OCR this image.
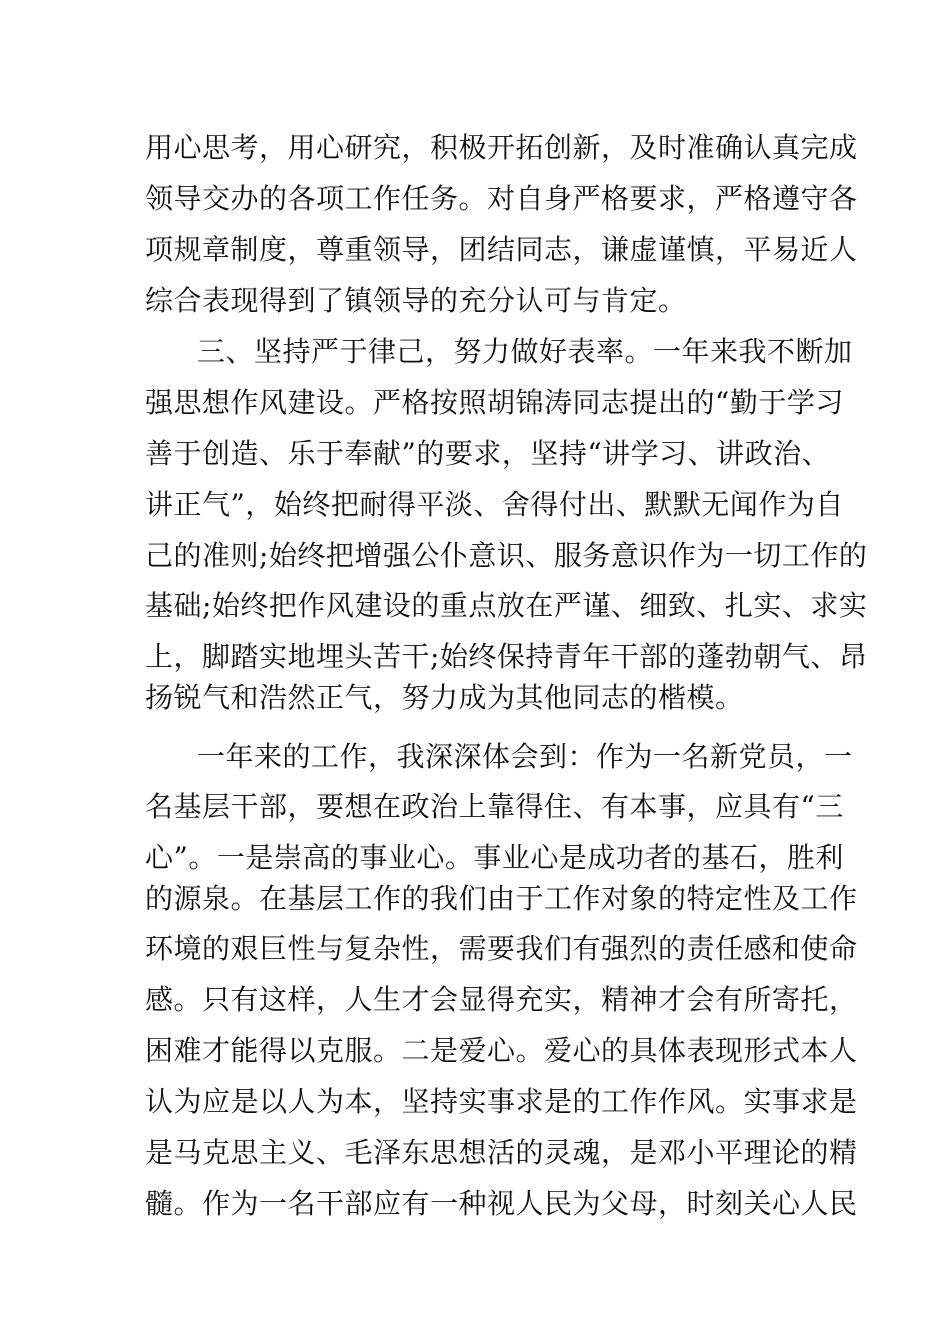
用心思考，用心研究，积极开拓创新，及时准确认真完成
领导交办的各项工作任务。对自身严格要求，严格遵守各
项规章制度，尊重领导，团结同志，谦虚谨慎，平易近人
综合表现得到了镇领导的充分认可与肯定。
三、坚持严于律己，努力做好表率。一年来我不断加
强思想作风建设。严格按照胡锦涛同志提出的“勤于学习
善于创造、乐于奉献”的要求，坚持“讲学习、讲政治、
讲正气”，始终把耐得平淡、舍得付出、默默无闻作为自
己的准则;始终把增强公仆意识、服务意识作为一切工作的
基础;始终把作风建设的重点放在严谨、细致、扎实、求实
上，脚踏实地埋头苦干;始终保持青年干部的蓬勃朝气、昂
扬锐气和浩然正气，努力成为其他同志的楷模。
一年来的工作，我深深体会到：作为一名新党员，一
名基层干部，要想在政治上靠得住、有本事，应具有“三
心”。一是崇高的事业心。事业心是成功者的基石，胜利
的源泉。在基层工作的我们由于工作对象的特定性及工作
环境的艰巨性与复杂性，需要我们有强烈的责任感和使命
感。只有这样，人生才会显得充实，精神才会有所寄托，
困难才能得以克服。二是爱心。爱心的具体表现形式本人
认为应是以人为本，坚持实事求是的工作作风。实事求是
是马克思主义、毛泽东思想活的灵魂，是邓小平理论的精
髓。作为一名干部应有一种视人民为父母，时刻关心人民
